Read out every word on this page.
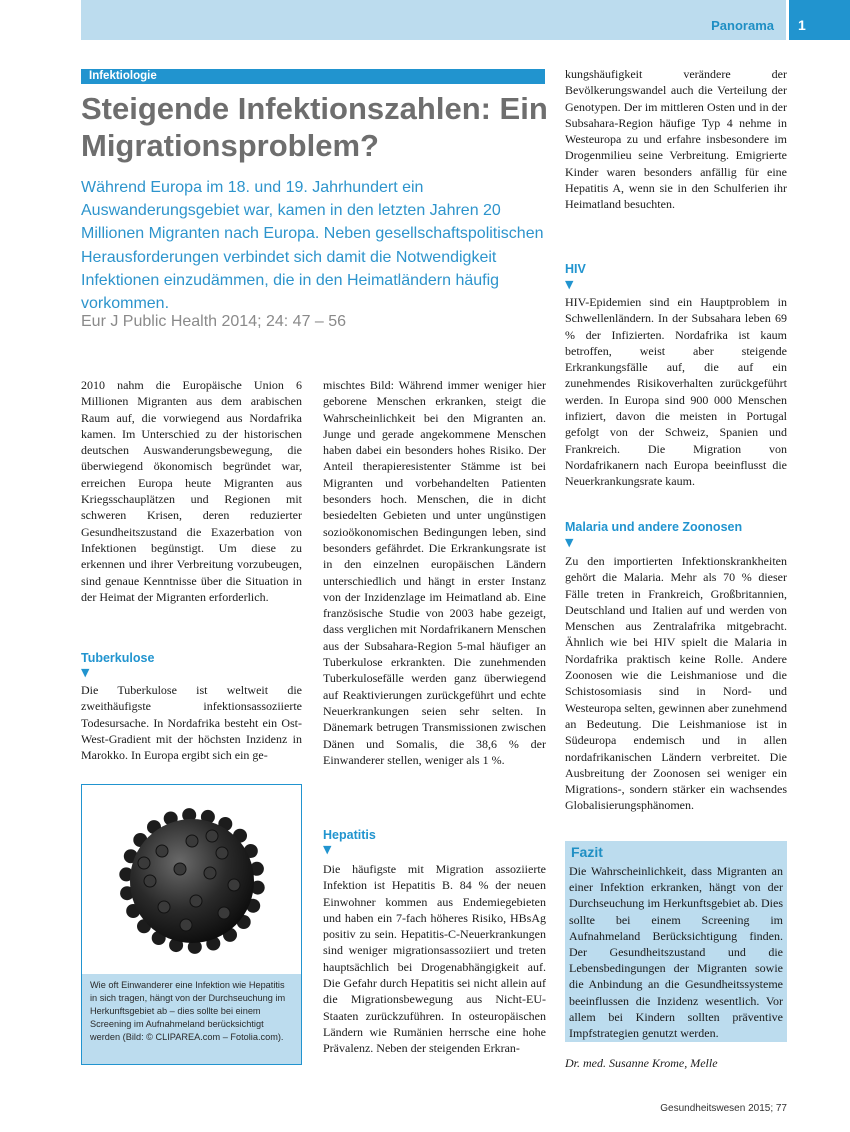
Panorama 1
Infektiologie
Steigende Infektionszahlen: Ein Migrationsproblem?

Während Europa im 18. und 19. Jahrhundert ein Auswanderungsgebiet war, kamen in den letzten Jahren 20 Millionen Migranten nach Europa. Neben gesellschaftspolitischen Herausforderungen verbindet sich damit die Notwendigkeit Infektionen einzudämmen, die in den Heimatländern häufig vorkommen.

Eur J Public Health 2014; 24: 47 – 56

2010 nahm die Europäische Union 6 Millionen Migranten aus dem arabischen Raum auf, die vorwiegend aus Nordafrika kamen. Im Unterschied zu der historischen deutschen Auswanderungsbewegung, die überwiegend ökonomisch begründet war, erreichen Europa heute Migranten aus Kriegsschauplätzen und Regionen mit schweren Krisen, deren reduzierter Gesundheitszustand die Exazerbation von Infektionen begünstigt. Um diese zu erkennen und ihrer Verbreitung vorzubeugen, sind genaue Kenntnisse über die Situation in der Heimat der Migranten erforderlich.

Tuberkulose
▼

Die Tuberkulose ist weltweit die zweithäufigste infektionsassoziierte Todesursache. In Nordafrika besteht ein Ost-West-Gradient mit der höchsten Inzidenz in Marokko. In Europa ergibt sich ein ge-

Wie oft Einwanderer eine Infektion wie Hepatitis in sich tragen, hängt von der Durchseuchung im Herkunftsgebiet ab – dies sollte bei einem Screening im Aufnahmeland berücksichtigt werden (Bild: © CLIPAREA.com – Fotolia.com).

mischtes Bild: Während immer weniger hier geborene Menschen erkranken, steigt die Wahrscheinlichkeit bei den Migranten an. Junge und gerade angekommene Menschen haben dabei ein besonders hohes Risiko. Der Anteil therapieresistenter Stämme ist bei Migranten und vorbehandelten Patienten besonders hoch. Menschen, die in dicht besiedelten Gebieten und unter ungünstigen sozioökonomischen Bedingungen leben, sind besonders gefährdet. Die Erkrankungsrate ist in den einzelnen europäischen Ländern unterschiedlich und hängt in erster Instanz von der Inzidenzlage im Heimatland ab. Eine französische Studie von 2003 habe gezeigt, dass verglichen mit Nordafrikanern Menschen aus der Subsahara-Region 5-mal häufiger an Tuberkulose erkrankten. Die zunehmenden Tuberkulosefälle werden ganz überwiegend auf Reaktivierungen zurückgeführt und echte Neuerkrankungen seien sehr selten. In Dänemark betrugen Transmissionen zwischen Dänen und Somalis, die 38,6 % der Einwanderer stellen, weniger als 1 %.

Hepatitis
▼

Die häufigste mit Migration assoziierte Infektion ist Hepatitis B. 84 % der neuen Einwohner kommen aus Endemiegebieten und haben ein 7-fach höheres Risiko, HBsAg positiv zu sein. Hepatitis-C-Neuerkrankungen sind weniger migrationsassoziiert und treten hauptsächlich bei Drogenabhängigkeit auf. Die Gefahr durch Hepatitis sei nicht allein auf die Migrationsbewegung aus Nicht-EU-Staaten zurückzuführen. In osteuropäischen Ländern wie Rumänien herrsche eine hohe Prävalenz. Neben der steigenden Erkran-

kungshäufigkeit verändere der Bevölkerungswandel auch die Verteilung der Genotypen. Der im mittleren Osten und in der Subsahara-Region häufige Typ 4 nehme in Westeuropa zu und erfahre insbesondere im Drogenmilieu seine Verbreitung. Emigrierte Kinder waren besonders anfällig für eine Hepatitis A, wenn sie in den Schulferien ihr Heimatland besuchten.

HIV
▼

HIV-Epidemien sind ein Hauptproblem in Schwellenländern. In der Subsahara leben 69 % der Infizierten. Nordafrika ist kaum betroffen, weist aber steigende Erkrankungsfälle auf, die auf ein zunehmendes Risikoverhalten zurückgeführt werden. In Europa sind 900 000 Menschen infiziert, davon die meisten in Portugal gefolgt von der Schweiz, Spanien und Frankreich. Die Migration von Nordafrikanern nach Europa beeinflusst die Neuerkrankungsrate kaum.

Malaria und andere Zoonosen
▼

Zu den importierten Infektionskrankheiten gehört die Malaria. Mehr als 70 % dieser Fälle treten in Frankreich, Großbritannien, Deutschland und Italien auf und werden von Menschen aus Zentralafrika mitgebracht. Ähnlich wie bei HIV spielt die Malaria in Nordafrika praktisch keine Rolle. Andere Zoonosen wie die Leishmaniose und die Schistosomiasis sind in Nord- und Westeuropa selten, gewinnen aber zunehmend an Bedeutung. Die Leishmaniose ist in Südeuropa endemisch und in allen nordafrikanischen Ländern verbreitet. Die Ausbreitung der Zoonosen sei weniger ein Migrations-, sondern stärker ein wachsendes Globalisierungsphänomen.

Fazit

Die Wahrscheinlichkeit, dass Migranten an einer Infektion erkranken, hängt von der Durchseuchung im Herkunftsgebiet ab. Dies sollte bei einem Screening im Aufnahmeland Berücksichtigung finden. Der Gesundheitszustand und die Lebensbedingungen der Migranten sowie die Anbindung an die Gesundheitssysteme beeinflussen die Inzidenz wesentlich. Vor allem bei Kindern sollten präventive Impfstrategien genutzt werden.

Dr. med. Susanne Krome, Melle
Gesundheitswesen 2015; 77
